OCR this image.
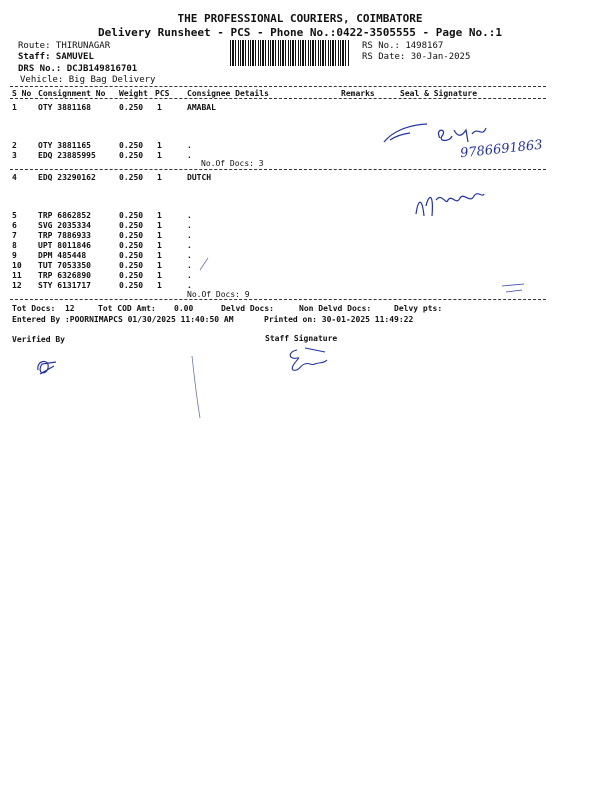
THE PROFESSIONAL COURIERS, COIMBATORE
Delivery Runsheet - PCS - Phone No.:0422-3505555 - Page No.:1
Route: THIRUNAGAR
Staff: SAMUVEL
DRS No.: DCJB149816701
Vehicle: Big Bag Delivery
RS No.: 1498167
RS Date: 30-Jan-2025
S No Consignment No Weight PCS Consignee Details	Remarks	Seal & Signature
1	OTY 3881168	0.250 1	AMABAL
2	OTY 3881165	0.250 1	.
3	EDQ 23885995	0.250 1	.
No.Of Docs: 3
4	EDQ 23290162	0.250 1	DUTCH
5	TRP 6862852	0.250 1	.
6	SVG 2035334	0.250 1	.
7	TRP 7886933	0.250 1	.
8	UPT 8011846	0.250 1	.
9	DPM 485448	0.250 1	.
10 TUT 7053350	0.250 1	.
11 TRP 6326890	0.250 1	.
12 STY 6131717	0.250 1	.
No.Of Docs: 9
Tot Docs:  12	Tot COD Amt: 0.00	Delvd Docs:	Non Delvd Docs:	Delvy pts:
Entered By :POORNIMAPCS 01/30/2025 11:40:50 AM	Printed on: 30-01-2025 11:49:22
Verified By	Staff Signature
9786691863
